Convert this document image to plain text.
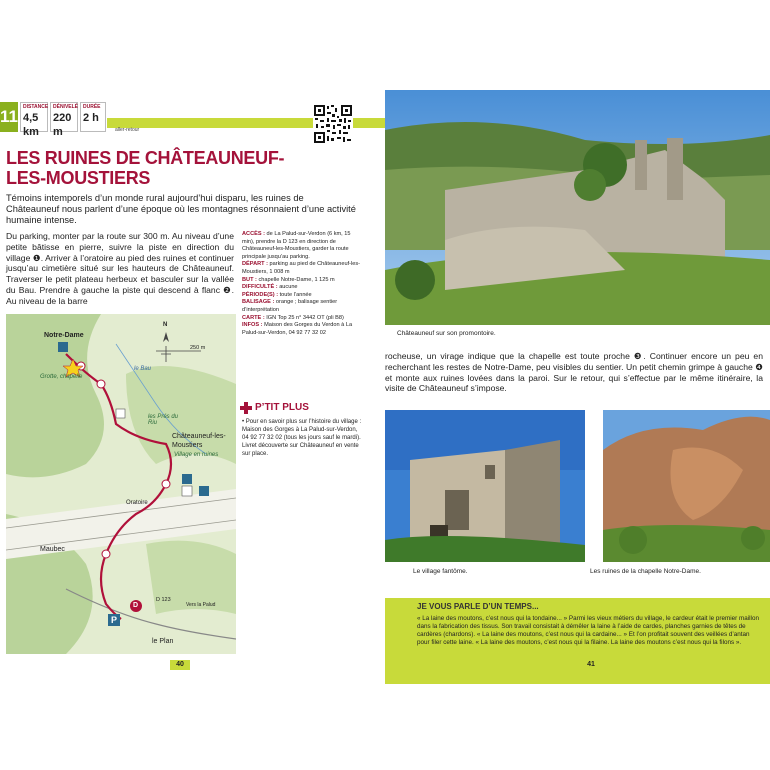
11 DISTANCE
4,5 km
DÉNIVELÉ
220 m
DURÉE
2 h
aller-retour
LES RUINES DE CHÂTEAUNEUF-
LES-MOUSTIERS
Témoins intemporels d’un monde rural aujourd’hui disparu, les ruines de Châteauneuf nous parlent d’une époque où les montagnes résonnaient d’une activité humaine intense.
Du parking, monter par la route sur 300 m. Au niveau d’une petite bâtisse en pierre, suivre la piste en direction du village ❶. Arriver à l’oratoire au pied des ruines et continuer jusqu’au cimetière situé sur les hauteurs de Châteauneuf. Traverser le petit plateau herbeux et basculer sur la vallée du Bau. Prendre à gauche la piste qui descend à flanc ❷. Au niveau de la barre
ACCÈS : de La Palud-sur-Verdon (6 km, 15 min), prendre la D 123 en direction de Châteauneuf-les-Moustiers, garder la route principale jusqu’au parking.
DÉPART : parking au pied de Châteauneuf-les-Moustiers, 1 008 m
BUT : chapelle Notre-Dame, 1 125 m
DIFFICULTÉ : aucune
PÉRIODE(S) : toute l’année
BALISAGE : orange ; balisage sentier d’interprétation
CARTE : IGN Top 25 n° 3442 OT (pli B8)
INFOS : Maison des Gorges du Verdon à La Palud-sur-Verdon, 04 92 77 32 02
P’TIT PLUS
• Pour en savoir plus sur l’histoire du village : Maison des Gorges à La Palud-sur-Verdon, 04 92 77 32 02 (tous les jours sauf le mardi). Livret découverte sur Châteauneuf en vente sur place.
Notre-Dame
Grotte, chapelle
les Prés du Riu
Châteauneuf-les-Moustiers
Village en ruines
Oratoire
Maubec
le Plan
D 123
Vers la Palud
250 m
N
le Bau
P
D
40
Châteauneuf sur son promontoire.
rocheuse, un virage indique que la chapelle est toute proche ❸. Continuer encore un peu en recherchant les restes de Notre-Dame, peu visibles du sentier. Un petit chemin grimpe à gauche ❹ et monte aux ruines lovées dans la paroi. Sur le retour, qui s’effectue par le même itinéraire, la visite de Châteauneuf s’impose.
Le village fantôme.	Les ruines de la chapelle Notre-Dame.
JE VOUS PARLE D’UN TEMPS...

« La laine des moutons, c’est nous qui la tondaine... » Parmi les vieux métiers du village, le cardeur était le premier maillon dans la fabrication des tissus. Son travail consistait à démêler la laine à l’aide de cardes, planches garnies de têtes de cardères (chardons). « La laine des moutons, c’est nous qui la cardaine... » Et l’on profitait souvent des veillées d’antan pour filer cette laine. « La laine des moutons, c’est nous qui la filaine. La laine des moutons c’est nous qui la filons ».

41
